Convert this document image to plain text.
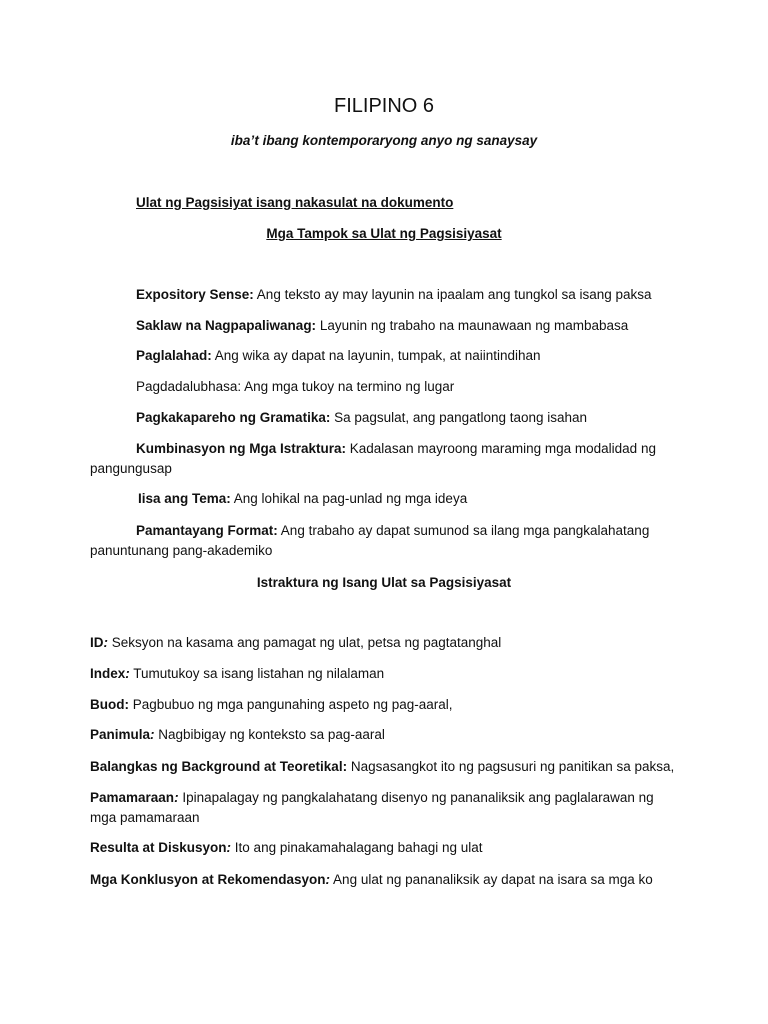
FILIPINO 6
iba’t ibang kontemporaryong anyo ng sanaysay
Ulat ng Pagsisiyat isang nakasulat na dokumento
Mga Tampok sa Ulat ng Pagsisiyasat
Expository Sense: Ang teksto ay may layunin na ipaalam ang tungkol sa isang paksa
Saklaw na Nagpapaliwanag: Layunin ng trabaho na maunawaan ng mambabasa
Paglalahad: Ang wika ay dapat na layunin, tumpak, at naiintindihan
Pagdadalubhasa: Ang mga tukoy na termino ng lugar
Pagkakapareho ng Gramatika: Sa pagsulat, ang pangatlong taong isahan
Kumbinasyon ng Mga Istraktura: Kadalasan mayroong maraming mga modalidad ng
pangungusap
Iisa ang Tema: Ang lohikal na pag-unlad ng mga ideya
Pamantayang Format: Ang trabaho ay dapat sumunod sa ilang mga pangkalahatang
panuntunang pang-akademiko
Istraktura ng Isang Ulat sa Pagsisiyasat
ID: Seksyon na kasama ang pamagat ng ulat, petsa ng pagtatanghal
Index: Tumutukoy sa isang listahan ng nilalaman
Buod: Pagbubuo ng mga pangunahing aspeto ng pag-aaral,
Panimula: Nagbibigay ng konteksto sa pag-aaral
Balangkas ng Background at Teoretikal: Nagsasangkot ito ng pagsusuri ng panitikan sa paksa,
Pamamaraan: Ipinapalagay ng pangkalahatang disenyo ng pananaliksik ang paglalarawan ng
mga pamamaraan
Resulta at Diskusyon: Ito ang pinakamahalagang bahagi ng ulat
Mga Konklusyon at Rekomendasyon: Ang ulat ng pananaliksik ay dapat na isara sa mga ko
